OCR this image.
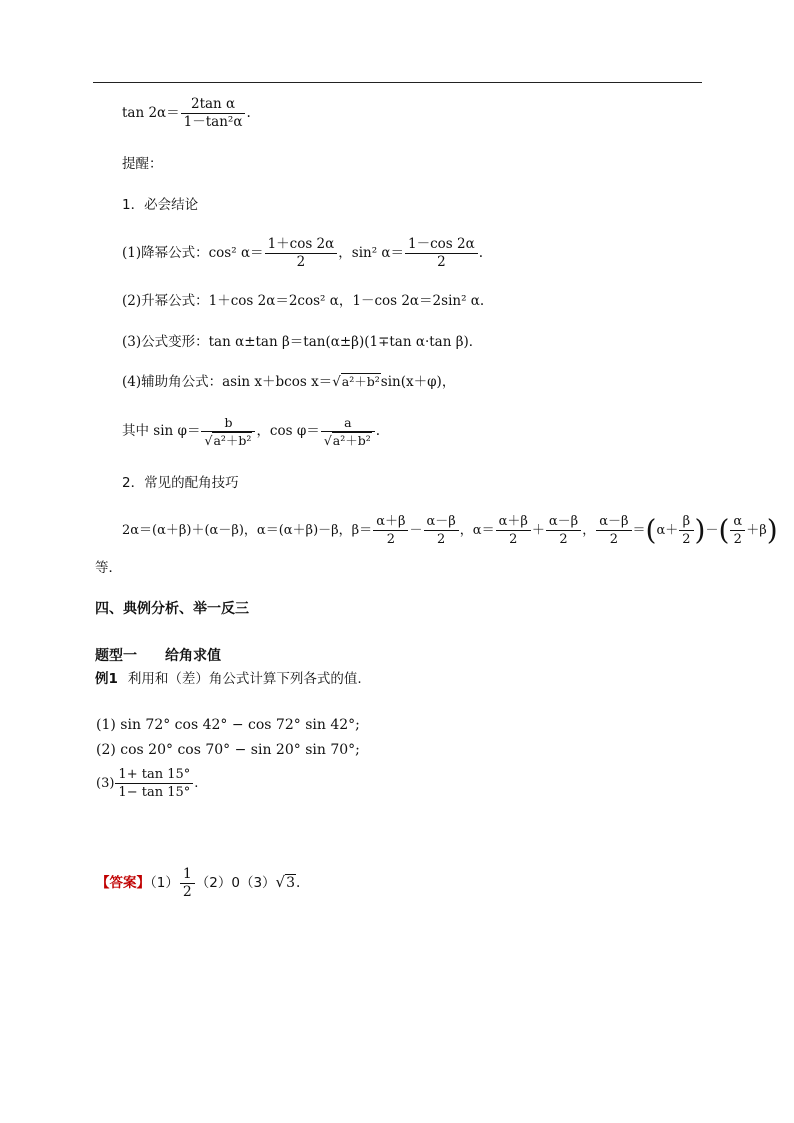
$\tan 2\alpha= \frac{\text{2tan α}}{\text{1－tan²α}}$ .
提醒：
1．必会结论
(1)降幂公式：cos² $\alpha= \frac{1+\cos 2\alpha}{2}$ ，sin² $\alpha= \frac{1-\cos 2\alpha}{2}$ .
(2)升幂公式：1＋cos 2α＝2cos² α，1－cos 2α＝2sin² α.
(3)公式变形：tan α±tan β＝tan(α±β)(1∓tan α·tan β)．
(4)辅助角公式：asin x＋bcos x＝√a²＋b²sin(x＋φ)，
其中 $\sin \varphi= \frac{b}{\text{√a²＋b²}}$ ，$\cos \varphi= \frac{a}{\text{√a²＋b²}}$ .
2．常见的配角技巧
2α＝(α＋β)＋(α－β)，α＝(α＋β)－β，$\beta= \frac{\alpha+\beta}{2} - \frac{\alpha-\beta}{2}$ ，$\alpha= \frac{\alpha+\beta}{2} + \frac{\alpha-\beta}{2}$ ， $\frac{\alpha-\beta}{2} =(\alpha+ \frac{\beta}{2}$ )－( $\frac{\alpha}{2} +\beta$)
等．
四、典例分析、举一反三
题型一 给角求值
例1 利用和（差）角公式计算下列各式的值.
(1) sin 72° cos 42° − cos 72° sin 42°;
(2) cos 20° cos 70° − sin 20° sin 70°;
$(3) \frac{1+ \tan 15^\circ}{1- \tan 15^\circ}$ .
【答案】$(1) \frac{1}{2} (2)0(3)√3$.
